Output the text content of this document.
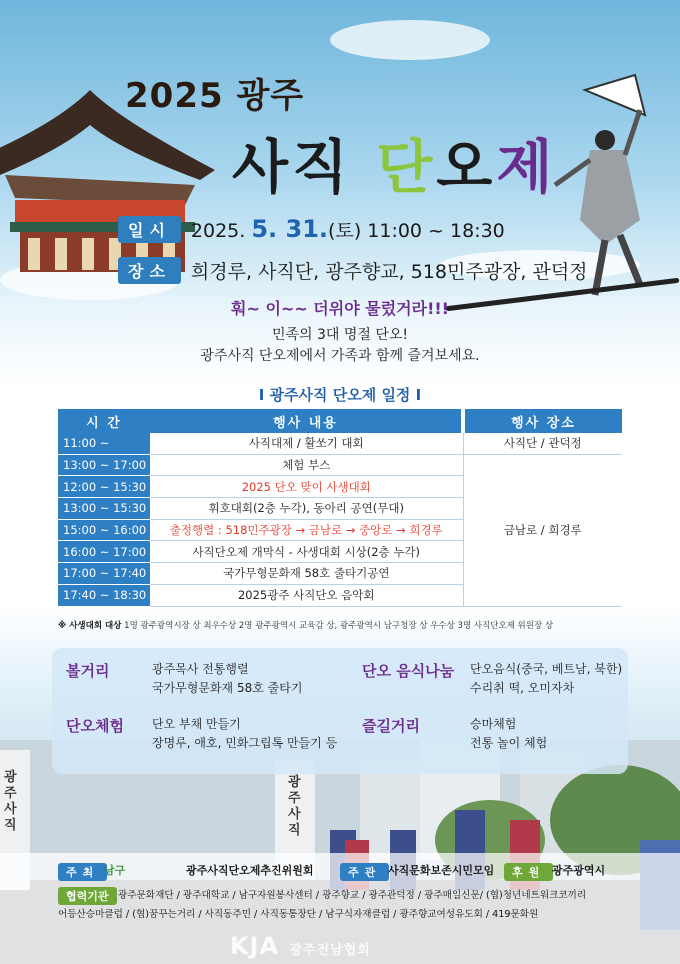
2025 광주
사직 단오제
일시	2025. 5. 31.(토) 11:00 ~ 18:30
장소	희경루, 사직단, 광주향교, 518민주광장, 관덕정
훠~ 이~~ 더위야 물렀거라!!!
민족의 3대 명절 단오!
광주사직 단오제에서 가족과 함께 즐겨보세요.
I 광주사직 단오제 일정 I
시 간	행사 내용	행사 장소
11:00 ~	사직대제 / 활쏘기 대회	사직단 / 관덕정
13:00 ~ 17:00	체험 부스	금남로 / 희경루
12:00 ~ 15:30	2025 단오 맞이 사생대회	
13:00 ~ 15:30	휘호대회(2층 누각), 동아리 공연(무대)	
15:00 ~ 16:00	출정행렬 : 518민주광장 → 금남로 → 중앙로 → 희경루	
16:00 ~ 17:00	사직단오제 개막식 - 사생대회 시상(2층 누각)	
17:00 ~ 17:40	국가무형문화재 58호 줄타기공연	
17:40 ~ 18:30	2025광주 사직단오 음악회	
※ 사생대회 대상 1명 광주광역시장 상 최우수상 2명 광주광역시 교육감 상, 광주광역시 남구청장 상 우수상 3명 사직단오제 위원장 상
광주사직
광주사직
볼거리	광주목사 전통행렬
국가무형문화재 58호 줄타기
단오 음식나눔 단오음식(중국, 베트남, 북한)
수리취 떡, 오미자차
단오체험 단오 부채 만들기
장명루, 애호, 민화그립톡 만들기 등
즐길거리	승마체험
전통 놀이 체험
주최 남구	광주사직단오제추진위원회	주관 사직문화보존시민모임	후원 광주광역시
협력기관 광주문화재단 / 광주대학교 / 남구자원봉사센터 / 광주향교 / 광주관덕정 / 광주매일신문/ (협)청년네트워크코끼리
어등산승마클럽 / (협)꿈꾸는거리 / 사직동주민 / 사직동통장단 / 남구식자재클럽 / 광주향교여성유도회 / 419문화원
KJA 광주전남협회
